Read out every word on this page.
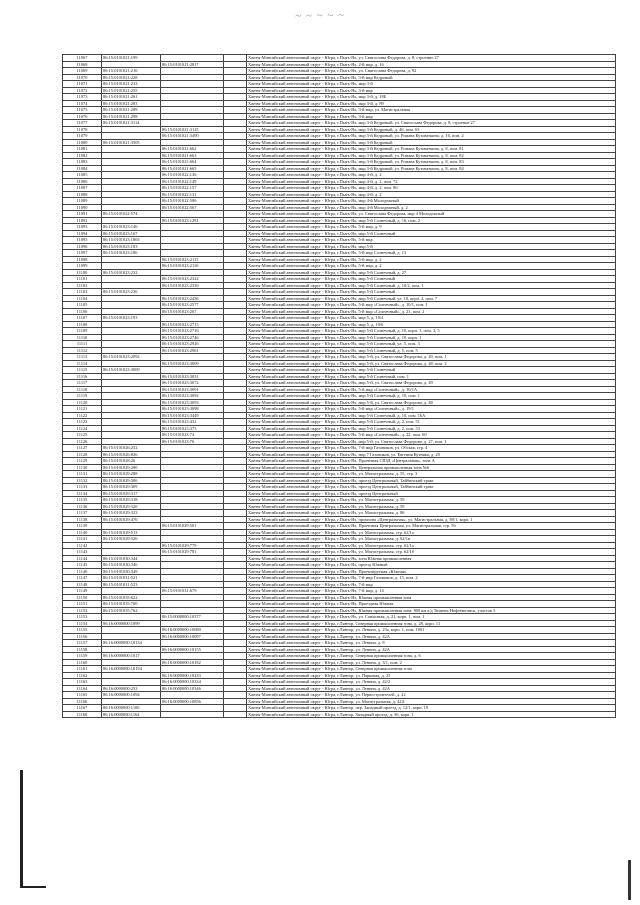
~ ~ ~ ~ ~
11067	86:15:0101021:199			Ханты-Мансийский автономный округ - Югра, г.Пыть-Ях, ул. Святослава Федорова, д. 8, строение 27
11068		86:15:0101021:2817		Ханты-Мансийский автономный округ - Югра, г.Пыть-Ях, 2-й мкр, д. 16
11069	86:15:0101021:216			Ханты-Мансийский автономный округ - Югра, г.Пыть-Ях, ул. Святослава Федорова, д. 92
11070	86:15:0101021:228			Ханты-Мансийский автономный округ - Югра, г.Пыть-Ях, 3-й мкр Кедровый
11071	86:15:0101021:233			Ханты-Мансийский автономный округ - Югра, г.Пыть-Ях, мкр 3-й
11072	86:15:0101021:255			Ханты-Мансийский автономный округ - Югра, г.Пыть-Ях, 3-й мкр
11073	86:15:0101021:261			Ханты-Мансийский автономный округ - Югра, г.Пыть-Ях, мкр 3-й, д. 18Б
11074	86:15:0101021:283			Ханты-Мансийский автономный округ - Югра, г.Пыть-Ях, мкр 3-й, д. 89
11075	86:15:0101021:289			Ханты-Мансийский автономный округ - Югра, г.Пыть-Ях, 3-й мкр, ул. Магистральная
11076	86:15:0101021:298			Ханты-Мансийский автономный округ - Югра, г.Пыть-Ях, 3-й мкр
11077	86:15:0101021:3114			Ханты-Мансийский автономный округ - Югра, г.Пыть-Ях, мкр 3-й Кедровый, ул. Святослава Федорова, д. 8, строение 27
11078		86:15:0101021:3125		Ханты-Мансийский автономный округ - Югра, г.Пыть-Ях, мкр 3-й Кедровый, д. 46, пом. 63
11079		86:15:0101021:3490		Ханты-Мансийский автономный округ - Югра, г.Пыть-Ях, мкр 3-й Кедровый, ул. Романа Кузоваткина, д. 16, пом. 2
11080	86:15:0101021:3505			Ханты-Мансийский автономный округ - Югра, г.Пыть-Ях, мкр 3-й Кедровый
11081		86:15:0101021:662		Ханты-Мансийский автономный округ - Югра, г.Пыть-Ях, мкр 3-й Кедровый, ул. Романа Кузоваткина, д. 8, пом. 81
11082		86:15:0101021:663		Ханты-Мансийский автономный округ - Югра, г.Пыть-Ях, мкр 3-й Кедровый, ул. Романа Кузоваткина, д. 8, пом. 82
11083		86:15:0101021:664		Ханты-Мансийский автономный округ - Югра, г.Пыть-Ях, мкр 3-й Кедровый, ул. Романа Кузоваткина, д. 8, пом. 83
11084		86:15:0101021:665		Ханты-Мансийский автономный округ - Югра, г.Пыть-Ях, мкр 3-й Кедровый, ул. Романа Кузоваткина, д. 8, пом. 84
11085		86:15:0101022:136		Ханты-Мансийский автономный округ - Югра, г.Пыть-Ях, мкр 4-й, д. 2
11086		86:15:0101022:149		Ханты-Мансийский автономный округ - Югра, г.Пыть-Ях, мкр 4-й, д. 2, пом. 72
11087		86:15:0101022:157		Ханты-Мансийский автономный округ - Югра, г.Пыть-Ях, мкр 4-й, д. 2, пом. 86
11088		86:15:0101022:131		Ханты-Мансийский автономный округ - Югра, г.Пыть-Ях, мкр 4-й, д. 2
11089		86:15:0101022:506		Ханты-Мансийский автономный округ - Югра, г.Пыть-Ях, мкр 4-й Молодежный
11090		86:15:0101022:567		Ханты-Мансийский автономный округ - Югра, г.Пыть-Ях, мкр 4-й Молодежный, д. 2
11091	86:15:0101022:574			Ханты-Мансийский автономный округ - Югра, г.Пыть-Ях, ул. Святослава Федорова, мкр 4 Молодежный
11092		86:15:0101023:1281		Ханты-Мансийский автономный округ - Югра, г.Пыть-Ях, мкр 5-й Солнечный, д. 16, пом. 2
11093	86:15:0101023:140			Ханты-Мансийский автономный округ - Югра, г.Пыть-Ях, 5-й мкр, д. 9
11094	86:15:0101023:167			Ханты-Мансийский автономный округ - Югра, г.Пыть-Ях, мкр 5-й Солнечный
11095	86:15:0101023:1865			Ханты-Мансийский автономный округ - Югра, г.Пыть-Ях, 5-й мкр
11096	86:15:0101023:183			Ханты-Мансийский автономный округ - Югра, г.Пыть-Ях, мкр 5-й
11097	86:15:0101023:186			Ханты-Мансийский автономный округ - Югра, г.Пыть-Ях, 5-й мкр Солнечный, д. 13
11098		86:15:0101023:2115		Ханты-Мансийский автономный округ - Югра, г.Пыть-Ях, 5-й мкр, д. 2
11099		86:15:0101023:2116		Ханты-Мансийский автономный округ - Югра, г.Пыть-Ях, 5-й мкр, д. 2
11100	86:15:0101023:232			Ханты-Мансийский автономный округ - Югра, г.Пыть-Ях, мкр 5-й Солнечный, д. 27
11101		86:15:0101023:2322		Ханты-Мансийский автономный округ - Югра, г.Пыть-Ях, мкр 5-й Солнечный
11102		86:15:0101023:2339		Ханты-Мансийский автономный округ - Югра, г.Пыть-Ях, мкр 5-й Солнечный, д. 10/2, пом. 1
11103	86:15:0101023:236			Ханты-Мансийский автономный округ - Югра, г.Пыть-Ях, мкр 5-й Солнечный
11104		86:15:0101023:2436		Ханты-Мансийский автономный округ - Югра, г.Пыть-Ях, мкр 5-й Солнечный, ул. 10, корп. 2, пом. 7
11105		86:15:0101023:2577		Ханты-Мансийский автономный округ - Югра, г.Пыть-Ях, 5-й мкр «Солнечный», д. 10/1, пом. 1
11106		86:15:0101023:267		Ханты-Мансийский автономный округ - Югра, г.Пыть-Ях, 5-й мкр «Солнечный», д. 21, пом. 2
11107	86:15:0101023:193			Ханты-Мансийский автономный округ - Югра, г.Пыть-Ях, мкр 5, д. 10/4
11108		86:15:0101023:2715		Ханты-Мансийский автономный округ - Югра, г.Пыть-Ях, мкр 5, д. 10/6
11109		86:15:0101023:2716		Ханты-Мансийский автономный округ - Югра, г.Пыть-Ях, мкр 5-й Солнечный, д. 10, корп. 1, пом. 3, 5
11110		86:15:0101023:2746		Ханты-Мансийский автономный округ - Югра, г.Пыть-Ях, мкр 5-й Солнечный, д. 10, корп. 1
11111		86:15:0101023:2926		Ханты-Мансийский автономный округ - Югра, г.Пыть-Ях, мкр 5-й Солнечный, ул. 5, пом. 3
11112		86:15:0101023:2961		Ханты-Мансийский автономный округ - Югра, г.Пыть-Ях, мкр 5-й Солнечный, д. 5, пом. 5
11113	86:15:0101023:2092			Ханты-Мансийский автономный округ - Югра, г.Пыть-Ях, мкр 5-й, ул. Святослава Федорова, д. 49, пом. 1
11114		86:15:0101023:3009		Ханты-Мансийский автономный округ - Югра, г.Пыть-Ях, мкр 5-й, ул. Святослава Федорова, д. 48, пом. 2
11115	86:15:0101023:3009			Ханты-Мансийский автономный округ - Югра, г.Пыть-Ях, мкр 5-й Солнечный
11116		86:15:0101023:3031		Ханты-Мансийский автономный округ - Югра, г.Пыть-Ях, мкр 5-й Солнечный, пом. 1
11117		86:15:0101023:3072		Ханты-Мансийский автономный округ - Югра, г.Пыть-Ях, мкр 5-й, ул. Святослава Федорова, д. 49
11118		86:15:0101023:3091		Ханты-Мансийский автономный округ - Югра, г.Пыть-Ях, 5-й мкр «Солнечный», д. 10/1А
11119		86:15:0101023:3092		Ханты-Мансийский автономный округ - Югра, г.Пыть-Ях, мкр 5-й Солнечный, д. 10, пом. 1
11120		86:15:0101023:3093		Ханты-Мансийский автономный округ - Югра, г.Пыть-Ях, мкр 5-й, ул. Святослава Федорова, д. 48
11121		86:15:0101023:3098		Ханты-Мансийский автономный округ - Югра, г.Пыть-Ях, 5-й мкр «Солнечный», д. 19/1
11122		86:15:0101023:3449		Ханты-Мансийский автономный округ - Югра, г.Пыть-Ях, мкр 5-й Солнечный, д. 10, пом. 16А
11123		86:15:0101023:432		Ханты-Мансийский автономный округ - Югра, г.Пыть-Ях, мкр 5-й Солнечный, д. 2, пом. 51
11124		86:15:0101023:375		Ханты-Мансийский автономный округ - Югра, г.Пыть-Ях, мкр 5-й Солнечный, д. 2, пом. 53
11125		86:15:0101023:74		Ханты-Мансийский автономный округ - Югра, г.Пыть-Ях, 5-й мкр «Солнечный», д. 22, пом. 60
11126		86:15:0101023:76		Ханты-Мансийский автономный округ - Югра, г.Пыть-Ях, мкр 5-й, ул. Святослава Федорова, д. 27, пом. 1
11127	86:15:0101026:252			Ханты-Мансийский автономный округ - Югра, г.Пыть-Ях, 7-й мкр Газовиков, ул. Обская, стр. 4
11128	86:15:0101026:826			Ханты-Мансийский автономный округ - Югра, г.Пыть-Ях, мкр 7 Газовиков, ул. Евгения Кутняка, д. 20
11129	86:15:0101028:26			Ханты-Мансийский автономный округ - Югра, г.Пыть-Ях, Проектная СПЗД «Центральная», зона А
11130	86:15:0101029:280			Ханты-Мансийский автономный округ - Югра, г.Пыть-Ях, Центральная промышленная зона №6
11131	86:15:0101029:288			Ханты-Мансийский автономный округ - Югра, г.Пыть-Ях, ул. Магистральная, д. 55, стр. 3
11132	86:15:0101029:306			Ханты-Мансийский автономный округ - Югра, г.Пыть-Ях, проезд Центральный, Тайбинский тракт
11133	86:15:0101029:309			Ханты-Мансийский автономный округ - Югра, г.Пыть-Ях, проезд Центральный, Тайбинский тракт
11134	86:15:0101029:317			Ханты-Мансийский автономный округ - Югра, г.Пыть-Ях, проезд Центральный
11135	86:15:0101029:318			Ханты-Мансийский автономный округ - Югра, г.Пыть-Ях, ул. Магистральная, д. 59
11136	86:15:0101029:320			Ханты-Мансийский автономный округ - Югра, г.Пыть-Ях, ул. Магистральная, д. 59
11137	86:15:0101029:323			Ханты-Мансийский автономный округ - Югра, г.Пыть-Ях, ул. Магистральная, д. 86
11138	86:15:0101029:476			Ханты-Мансийский автономный округ - Югра, г.Пыть-Ях, промзона «Центральная», ул. Магистральная, д. 80/1, корп. 1
11139		86:15:0101029:501		Ханты-Мансийский автономный округ - Югра, г.Пыть-Ях, Проектная Центральная, ул. Магистральная, стр. 56
11140	86:15:0101029:513			Ханты-Мансийский автономный округ - Югра, г.Пыть-Ях, ул. Магистральная, стр. 62/1а
11141	86:15:0101029:520			Ханты-Мансийский автономный округ - Югра, г.Пыть-Ях, ул. Магистральная, д. 62/1в
11142		86:15:0101029:779		Ханты-Мансийский автономный округ - Югра, г.Пыть-Ях, ул. Магистральная, стр. 62/1а
11143		86:15:0101029:781		Ханты-Мансийский автономный округ - Югра, г.Пыть-Ях, ул. Магистральная, стр. 62/1б
11144	86:15:0101030:344			Ханты-Мансийский автономный округ - Югра, г.Пыть-Ях, зона Южная промышленная
11145	86:15:0101030:346			Ханты-Мансийский автономный округ - Югра, г.Пыть-Ях, проезд Южный
11146	86:15:0101030:349			Ханты-Мансийский автономный округ - Югра, г.Пыть-Ях, Проектируемая «Южная»
11147	86:15:0101031:521			Ханты-Мансийский автономный округ - Югра, г.Пыть-Ях, 7-й мкр Газовиков, д. 15, пом. 2
11148	86:15:0101031:523			Ханты-Мансийский автономный округ - Югра, г.Пыть-Ях, 7-й мкр
11149		86:15:0101031:679		Ханты-Мансийский автономный округ - Югра, г.Пыть-Ях, 7-й мкр, д. 14
11150	86:15:0101035:622			Ханты-Мансийский автономный округ - Югра, г.Пыть-Ях, Южная промышленная зона
11151	86:15:0101035:700			Ханты-Мансийский автономный округ - Югра, г.Пыть-Ях, Проездная Южная
11152	86:15:0101035:762			Ханты-Мансийский автономный округ - Югра, г.Пыть-Ях, Южная промышленная зона, 800 км а/д Тюмень-Нефтеюганск, участок 3
11153		86:15:0000000:10377		Ханты-Мансийский автономный округ - Югра, г.Пыть-Ях, ул. Совхозная, д. 21, корп. 1, пом. 1
11154	86:16:0000000:1899			Ханты-Мансийский автономный округ - Югра, г.Лянтор, Северная промышленная зона, д. 28, корп. 11
11155		86:16:0000000:10080		Ханты-Мансийский автономный округ - Югра, г.Лянтор, ул. Ленина, д. 23а, корп. 1, пом. 1001
11156		86:16:0000000:10097		Ханты-Мансийский автономный округ - Югра, г.Лянтор, ул. Ленина, д. 42А
11157	86:16:0000000:10134			Ханты-Мансийский автономный округ - Югра, г.Лянтор, ул. Ленина, д. 8
11158		86:16:0000000:10155		Ханты-Мансийский автономный округ - Югра, г.Лянтор, ул. Ленина, д. 42А
11159	86:16:0000000:1017			Ханты-Мансийский автономный округ - Югра, г.Лянтор, Северная промышленная зона, д. 6
11160		86:16:0000000:10182		Ханты-Мансийский автономный округ - Югра, г.Лянтор, ул. Ленина, д. 3/1, пом. 2
11161	86:16:0000000:10194			Ханты-Мансийский автономный округ - Югра, г.Лянтор, Северная промышленная зона
11162		86:16:0000000:10233		Ханты-Мансийский автономный округ - Югра, г.Лянтор, ул. Парковая, д. 25
11163		86:16:0000000:10334		Ханты-Мансийский автономный округ - Югра, г.Лянтор, ул. Ленина, д. 42/2
11164	86:16:0000000:253	86:16:0000000:10346		Ханты-Мансийский автономный округ - Югра, г.Лянтор, ул. Ленина, д. 42А
11165	86:16:0000000:1094			Ханты-Мансийский автономный округ - Югра, г.Лянтор, ул. Первостроителей, д. 22
11166		86:16:0000000:10856		Ханты-Мансийский автономный округ - Югра, г.Лянтор, ул. Магистральная, д. 42А
11167	86:16:0000000:1106			Ханты-Мансийский автономный округ - Югра, г.Лянтор, пер. Западный проезд, д. 12/1, корп. 19
11168	86:16:0000000:1164			Ханты-Мансийский автономный округ - Югра, г.Лянтор, Западный проезд, д. 36, корп. 1
